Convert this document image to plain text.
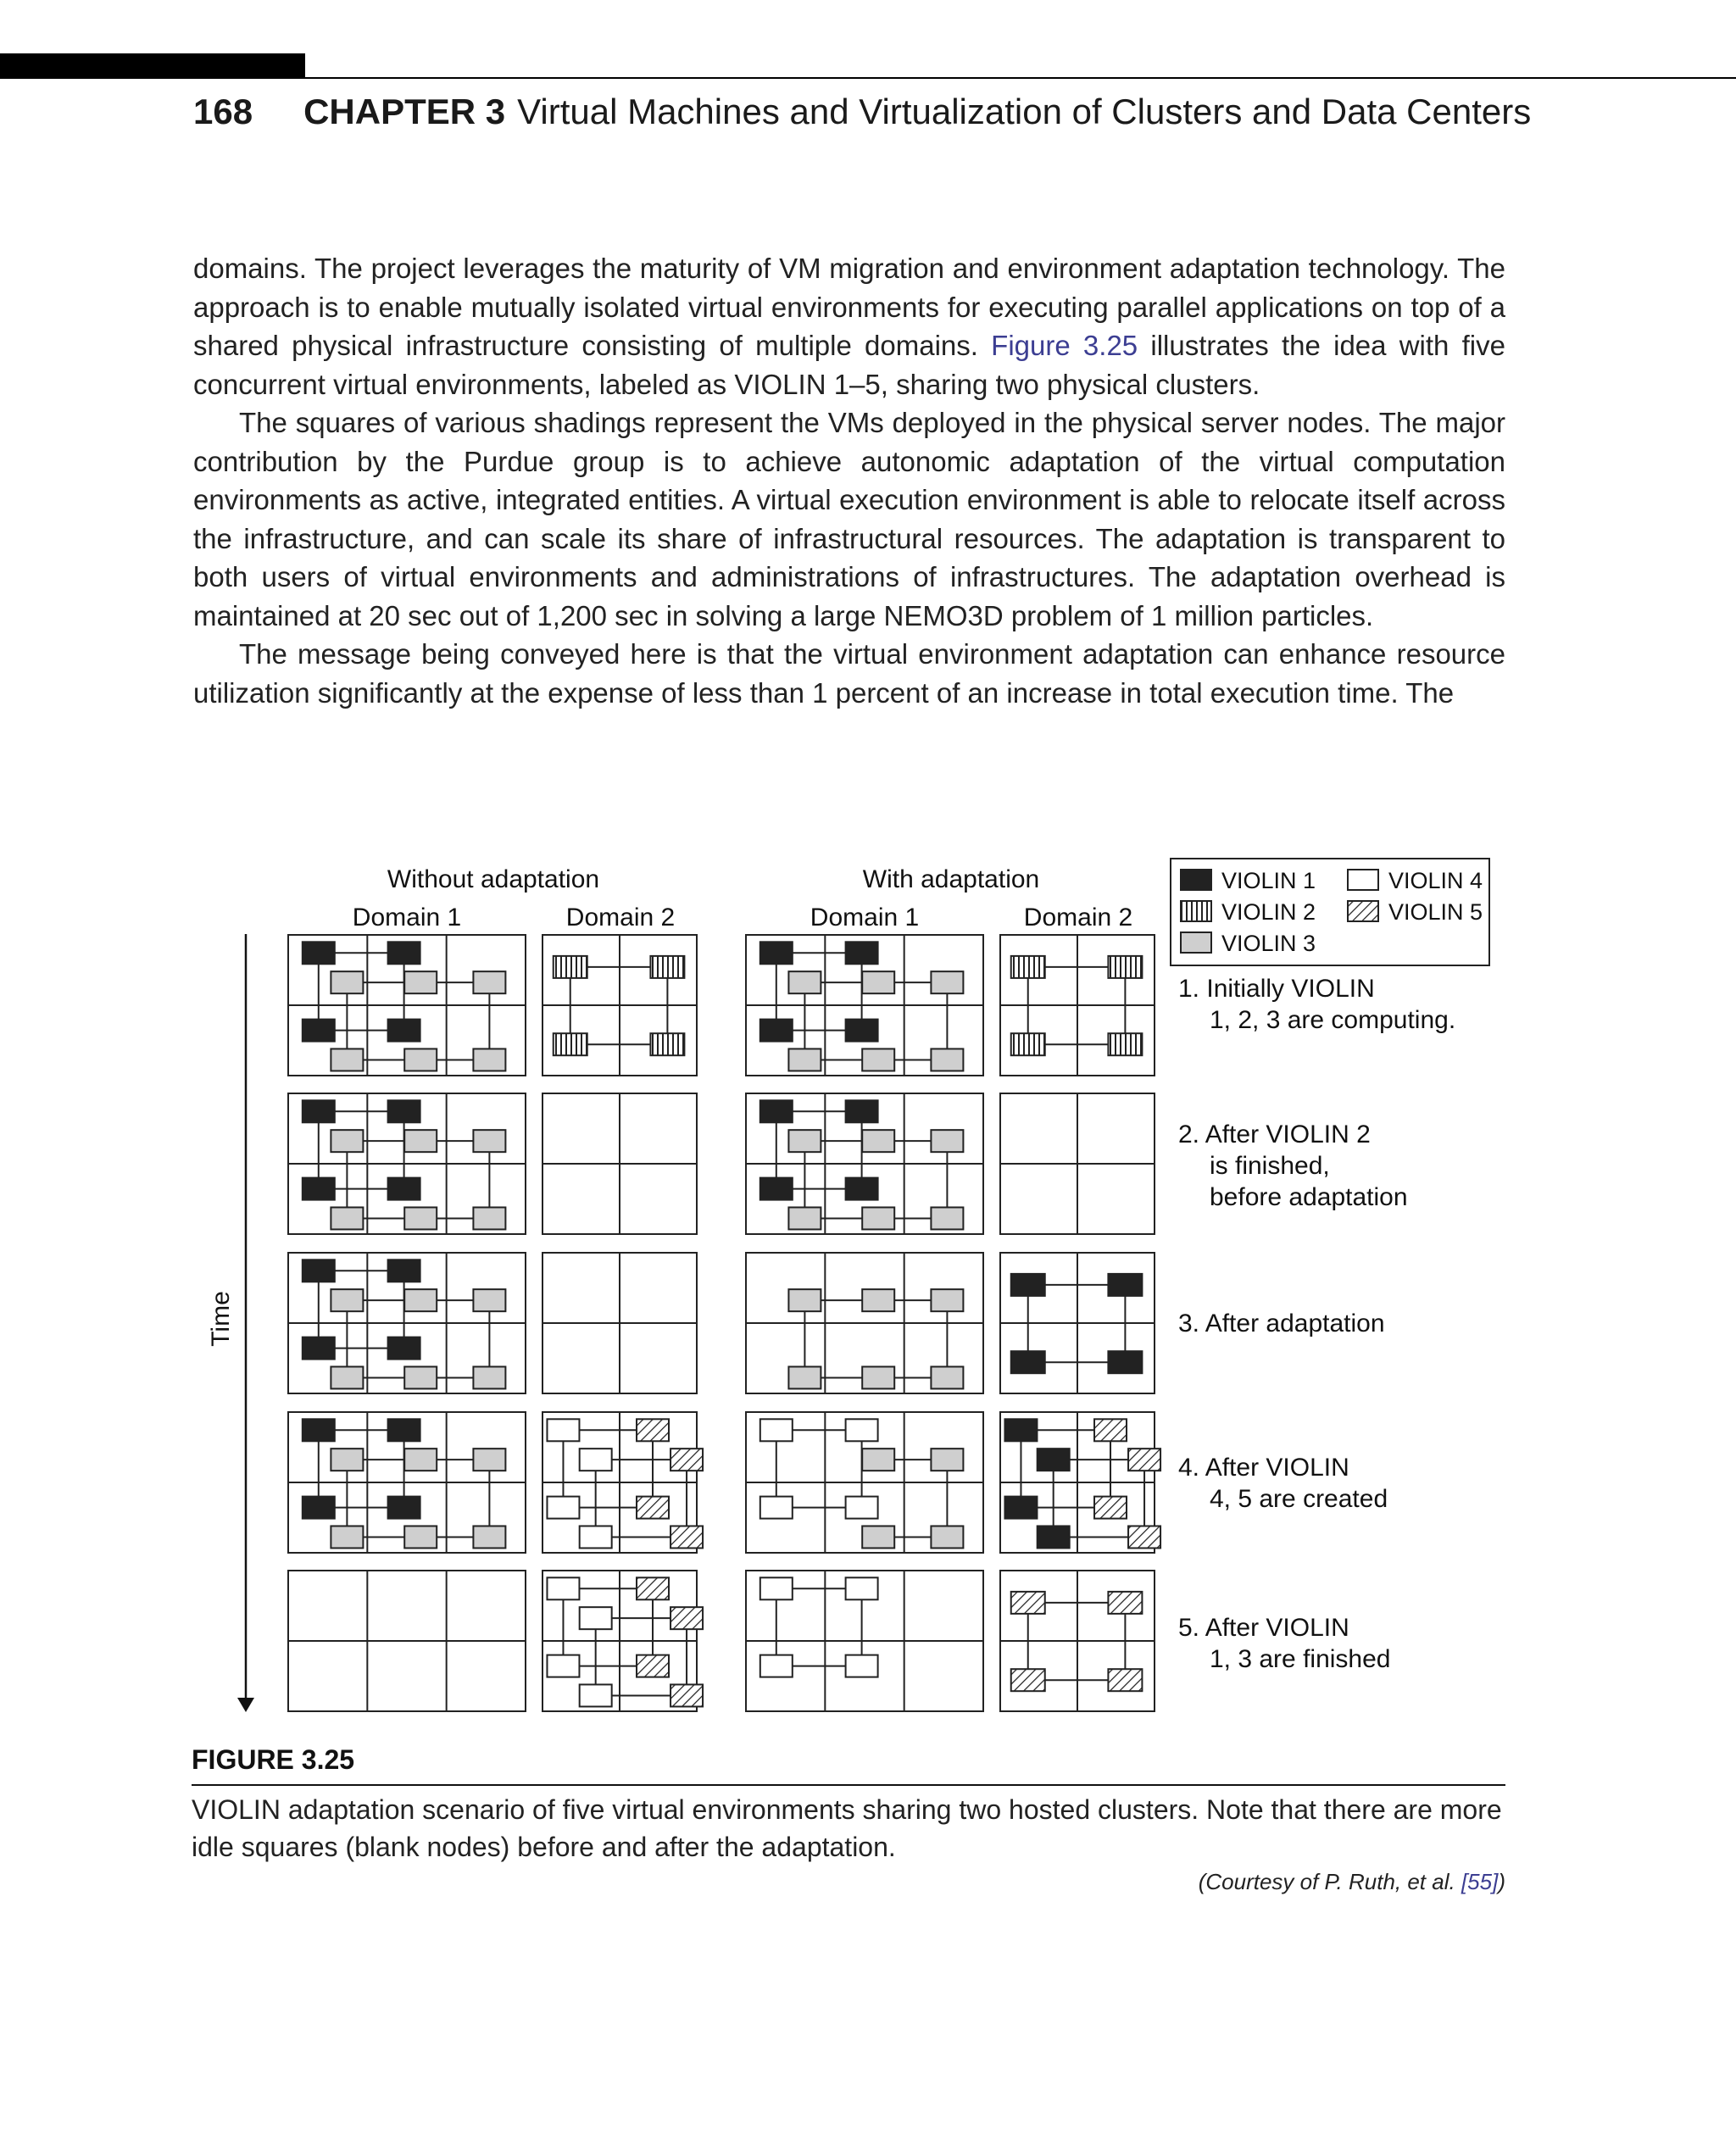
168 CHAPTER 3 Virtual Machines and Virtualization of Clusters and Data Centers

domains. The project leverages the maturity of VM migration and environment adaptation technology. The approach is to enable mutually isolated virtual environments for executing parallel applications on top of a shared physical infrastructure consisting of multiple domains. Figure 3.25 illustrates the idea with five concurrent virtual environments, labeled as VIOLIN 1–5, sharing two physical clusters.

The squares of various shadings represent the VMs deployed in the physical server nodes. The major contribution by the Purdue group is to achieve autonomic adaptation of the virtual computation environments as active, integrated entities. A virtual execution environment is able to relocate itself across the infrastructure, and can scale its share of infrastructural resources. The adaptation is transparent to both users of virtual environments and administrations of infrastructures. The adaptation overhead is maintained at 20 sec out of 1,200 sec in solving a large NEMO3D problem of 1 million particles.

The message being conveyed here is that the virtual environment adaptation can enhance resource utilization significantly at the expense of less than 1 percent of an increase in total execution time. The

Without adaptation	With adaptation
Domain 1	Domain 2	Domain 1	Domain 2
Time
VIOLIN 1
VIOLIN 2
VIOLIN 3
VIOLIN 4
VIOLIN 5
1. Initially VIOLIN
1, 2, 3 are computing.
2. After VIOLIN 2
is finished,
before adaptation
3. After adaptation
4. After VIOLIN
4, 5 are created
5. After VIOLIN
1, 3 are finished
FIGURE 3.25
VIOLIN adaptation scenario of five virtual environments sharing two hosted clusters. Note that there are more idle squares (blank nodes) before and after the adaptation.
(Courtesy of P. Ruth, et al. [55])
